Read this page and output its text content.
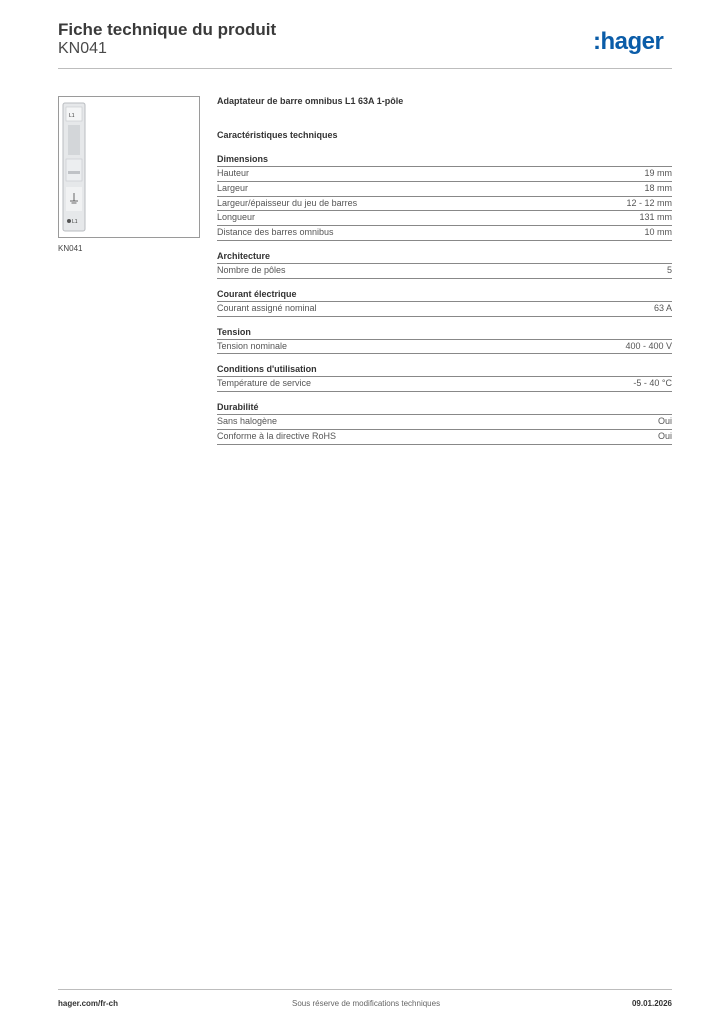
Fiche technique du produit
KN041	:hager
L1
L1
KN041
Adaptateur de barre omnibus L1 63A 1-pôle
Caractéristiques techniques
Dimensions
Hauteur	19 mm
Largeur	18 mm
Largeur/épaisseur du jeu de barres	12 - 12 mm
Longueur	131 mm
Distance des barres omnibus	10 mm
Architecture
Nombre de pôles	5
Courant électrique
Courant assigné nominal	63 A
Tension
Tension nominale	400 - 400 V
Conditions d'utilisation
Température de service	-5 - 40 °C
Durabilité
Sans halogène	Oui
Conforme à la directive RoHS	Oui
hager.com/fr-ch	Sous réserve de modifications techniques	09.01.2026
